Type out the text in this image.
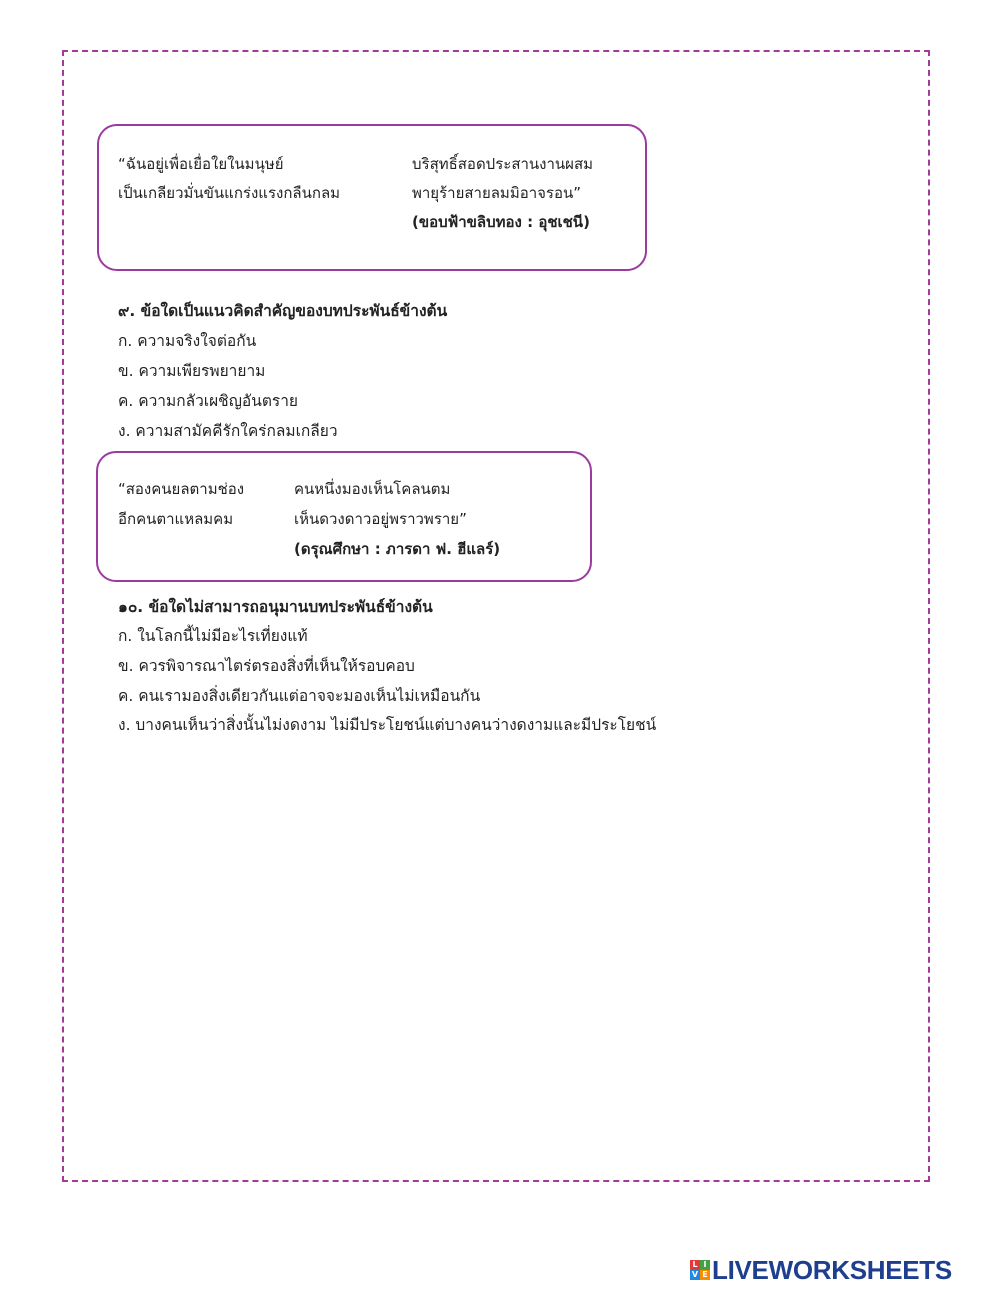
“ฉันอยู่เพื่อเยื่อใยในมนุษย์
เป็นเกลียวมั่นขันแกร่งแรงกลืนกลม
บริสุทธิ์สอดประสานงานผสม
พายุร้ายสายลมมิอาจรอน”
(ขอบฟ้าขลิบทอง : อุชเชนี)
๙. ข้อใดเป็นแนวคิดสำคัญของบทประพันธ์ข้างต้น
ก. ความจริงใจต่อกัน
ข. ความเพียรพยายาม
ค. ความกลัวเผชิญอันตราย
ง. ความสามัคคีรักใคร่กลมเกลียว
“สองคนยลตามช่อง
อีกคนตาแหลมคม
คนหนึ่งมองเห็นโคลนตม
เห็นดวงดาวอยู่พราวพราย”
(ดรุณศึกษา : ภารดา ฟ. ฮีแลร์)
๑๐. ข้อใดไม่สามารถอนุมานบทประพันธ์ข้างต้น
ก. ในโลกนี้ไม่มีอะไรเที่ยงแท้
ข. ควรพิจารณาไตร่ตรองสิ่งที่เห็นให้รอบคอบ
ค. คนเรามองสิ่งเดียวกันแต่อาจจะมองเห็นไม่เหมือนกัน
ง. บางคนเห็นว่าสิ่งนั้นไม่งดงาม ไม่มีประโยชน์แต่บางคนว่างดงามและมีประโยชน์
L I
V E LIVEWORKSHEETS
